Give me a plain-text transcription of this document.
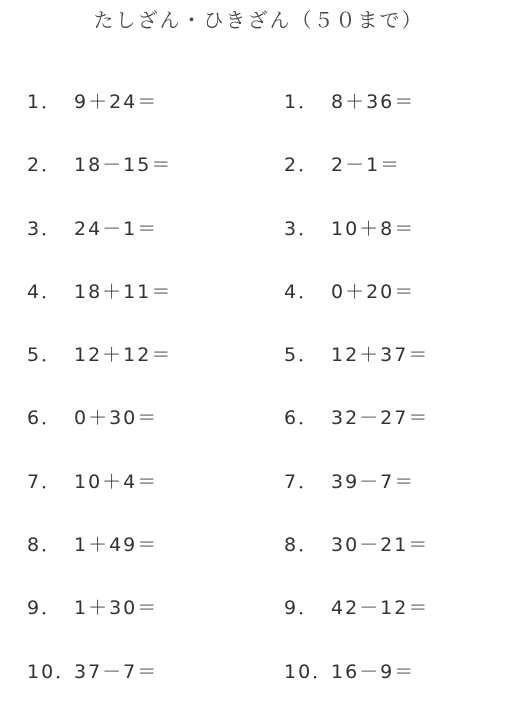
たしざん・ひきざん（５０まで）
1． 9＋24＝
2． 18－15＝
3． 24－1＝
4． 18＋11＝
5． 12＋12＝
6． 0＋30＝
7． 10＋4＝
8． 1＋49＝
9． 1＋30＝
10．37－7＝
1． 8＋36＝
2． 2－1＝
3． 10＋8＝
4． 0＋20＝
5． 12＋37＝
6． 32－27＝
7． 39－7＝
8． 30－21＝
9． 42－12＝
10．16－9＝
